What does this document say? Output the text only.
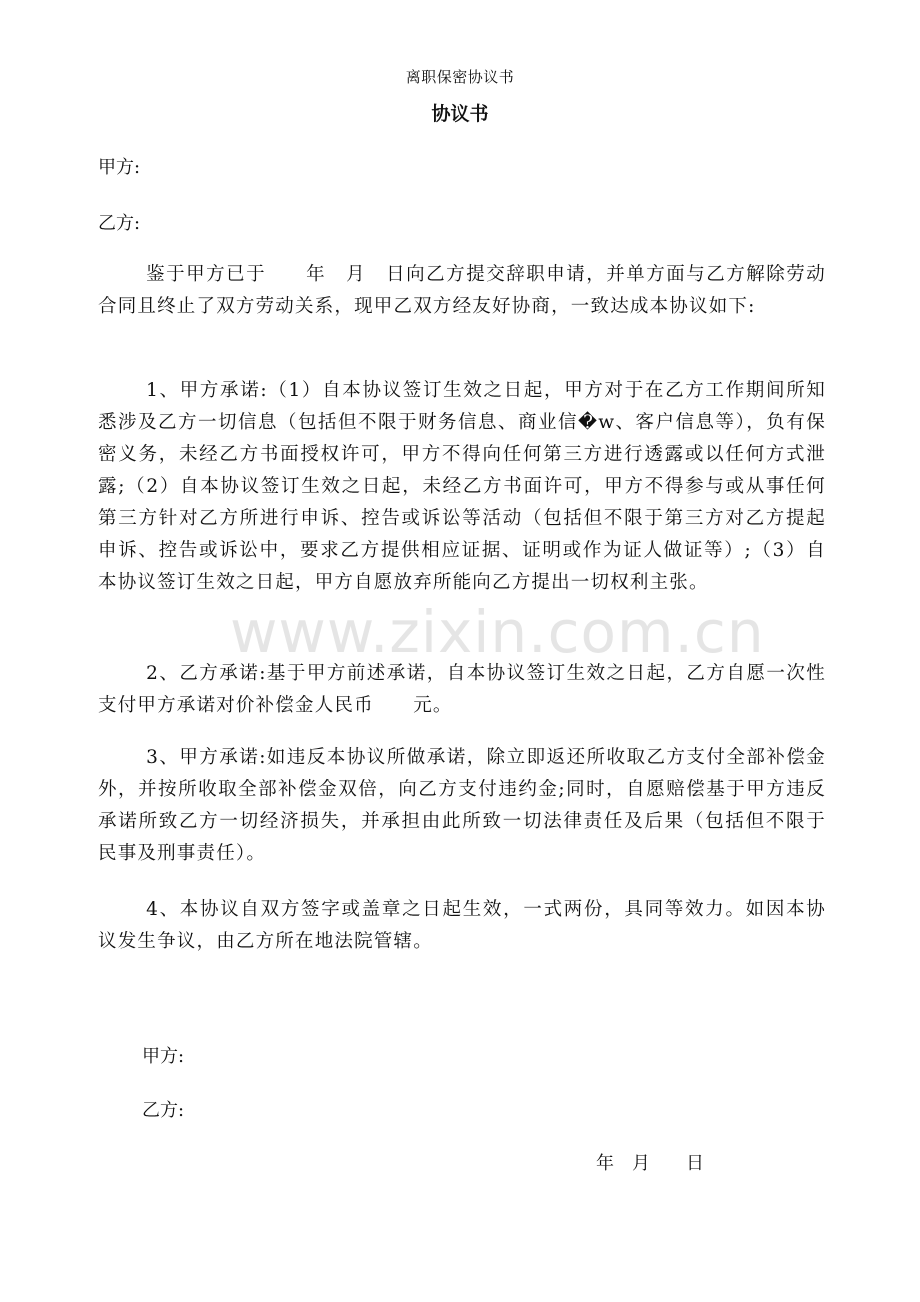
离职保密协议书
协议书
甲方:
乙方:

鉴于甲方已于　　年　月　日向乙方提交辞职申请，并单方面与乙方解除劳动合同且终止了双方劳动关系，现甲乙双方经友好协商，一致达成本协议如下:

1、甲方承诺:（1）自本协议签订生效之日起，甲方对于在乙方工作期间所知悉涉及乙方一切信息（包括但不限于财务信息、商业信�w、客户信息等），负有保密义务，未经乙方书面授权许可，甲方不得向任何第三方进行透露或以任何方式泄露;（2）自本协议签订生效之日起，未经乙方书面许可，甲方不得参与或从事任何第三方针对乙方所进行申诉、控告或诉讼等活动（包括但不限于第三方对乙方提起申诉、控告或诉讼中，要求乙方提供相应证据、证明或作为证人做证等）;（3）自本协议签订生效之日起，甲方自愿放弃所能向乙方提出一切权利主张。

2、乙方承诺:基于甲方前述承诺，自本协议签订生效之日起，乙方自愿一次性支付甲方承诺对价补偿金人民币　　元。

3、甲方承诺:如违反本协议所做承诺，除立即返还所收取乙方支付全部补偿金外，并按所收取全部补偿金双倍，向乙方支付违约金;同时，自愿赔偿基于甲方违反承诺所致乙方一切经济损失，并承担由此所致一切法律责任及后果（包括但不限于民事及刑事责任）。

4、本协议自双方签字或盖章之日起生效，一式两份，具同等效力。如因本协议发生争议，由乙方所在地法院管辖。

甲方:
乙方:
年　月　　日
www.zixin.com.cn
